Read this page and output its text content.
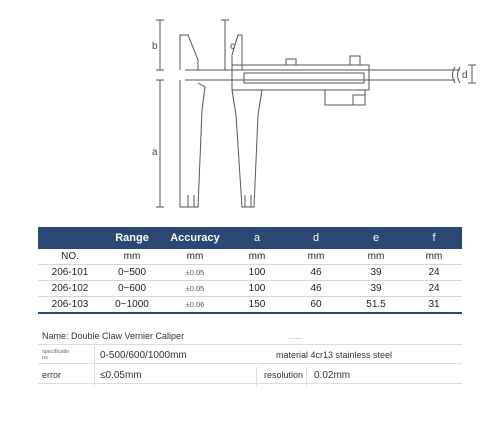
b
a
c
d
	Range	Accuracy	a	d	e	f
NO.	mm	mm	mm	mm	mm	mm
206-101	0~500	±0.05	100	46	39	24
206-102	0~600	±0.05	100	46	39	24
206-103	0~1000	±0.06	150	60	51.5	31
Name: Double Claw Vernier Caliper	......
specificatio ns	0-500/600/1000mm	material 4cr13 stainless steel
error	≤0.05mm	resolution 0.02mm
